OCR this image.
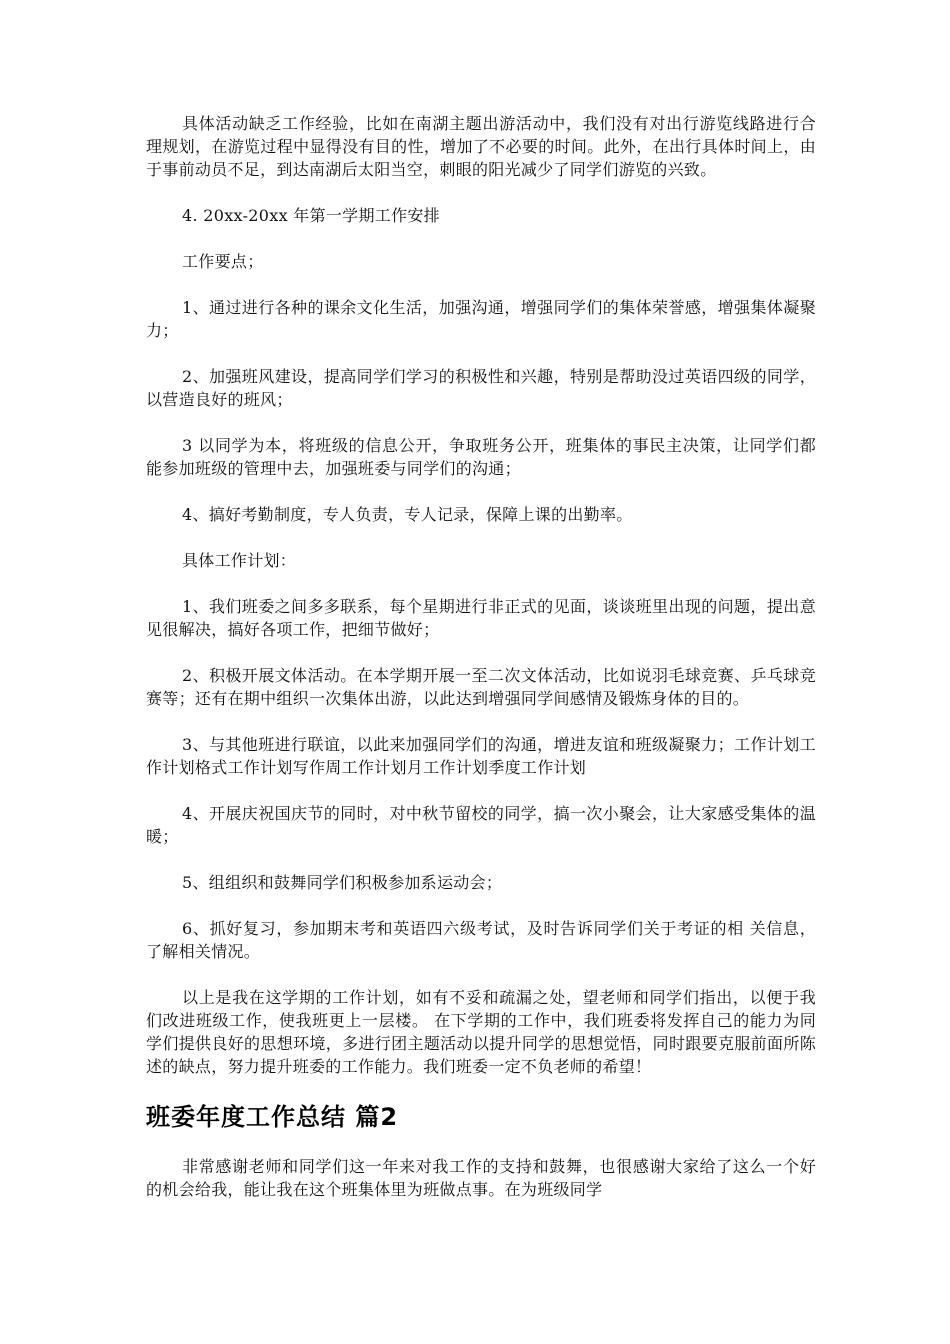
具体活动缺乏工作经验，比如在南湖主题出游活动中，我们没有对出行游览线路进行合理规划，在游览过程中显得没有目的性，增加了不必要的时间。此外，在出行具体时间上，由于事前动员不足，到达南湖后太阳当空，刺眼的阳光减少了同学们游览的兴致。

4. 20xx-20xx 年第一学期工作安排

工作要点；

1、通过进行各种的课余文化生活，加强沟通，增强同学们的集体荣誉感，增强集体凝聚力；

2、加强班风建设，提高同学们学习的积极性和兴趣，特别是帮助没过英语四级的同学，以营造良好的班风；

3 以同学为本，将班级的信息公开，争取班务公开，班集体的事民主决策，让同学们都能参加班级的管理中去，加强班委与同学们的沟通；

4、搞好考勤制度，专人负责，专人记录，保障上课的出勤率。

具体工作计划：

1、我们班委之间多多联系，每个星期进行非正式的见面，谈谈班里出现的问题，提出意见很解决，搞好各项工作，把细节做好；

2、积极开展文体活动。在本学期开展一至二次文体活动，比如说羽毛球竞赛、乒乓球竞赛等；还有在期中组织一次集体出游，以此达到增强同学间感情及锻炼身体的目的。

3、与其他班进行联谊，以此来加强同学们的沟通，增进友谊和班级凝聚力；工作计划工作计划格式工作计划写作周工作计划月工作计划季度工作计划

4、开展庆祝国庆节的同时，对中秋节留校的同学，搞一次小聚会，让大家感受集体的温暖；

5、组组织和鼓舞同学们积极参加系运动会；

6、抓好复习，参加期末考和英语四六级考试，及时告诉同学们关于考证的相 关信息，了解相关情况。

以上是我在这学期的工作计划，如有不妥和疏漏之处，望老师和同学们指出，以便于我们改进班级工作，使我班更上一层楼。 在下学期的工作中，我们班委将发挥自己的能力为同学们提供良好的思想环境，多进行团主题活动以提升同学的思想觉悟，同时跟要克服前面所陈述的缺点，努力提升班委的工作能力。我们班委一定不负老师的希望！

班委年度工作总结 篇2

非常感谢老师和同学们这一年来对我工作的支持和鼓舞，也很感谢大家给了这么一个好的机会给我，能让我在这个班集体里为班做点事。在为班级同学
